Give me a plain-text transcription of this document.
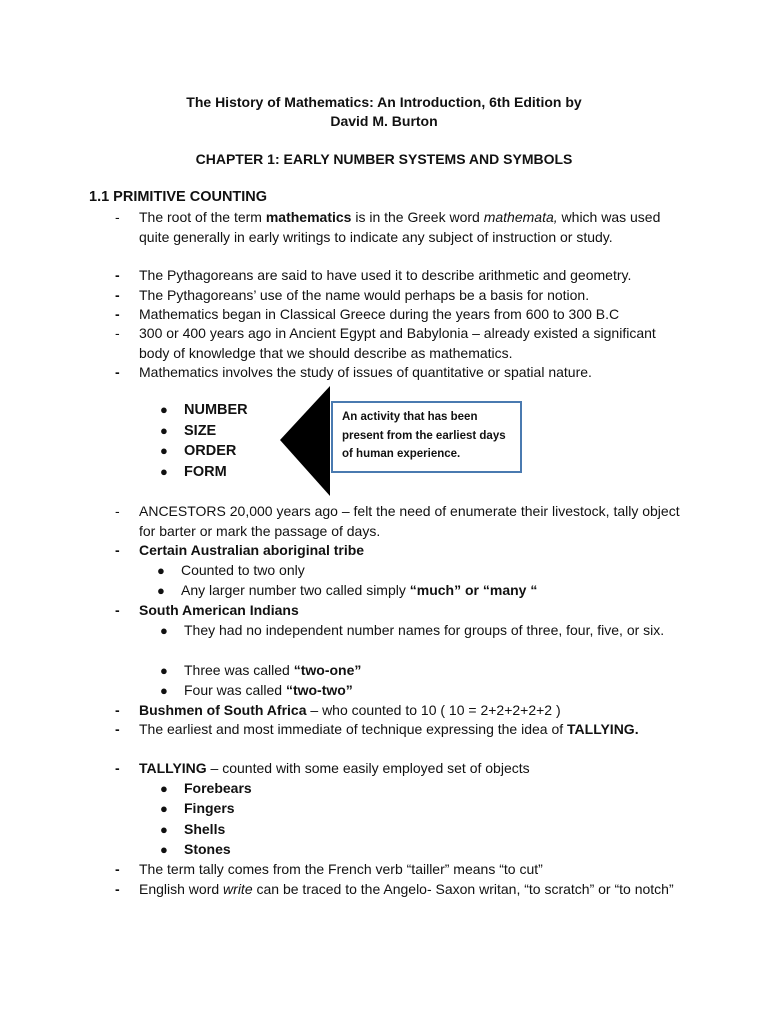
The History of Mathematics: An Introduction, 6th Edition by
David M. Burton
CHAPTER 1: EARLY NUMBER SYSTEMS AND SYMBOLS
1.1 PRIMITIVE COUNTING
- The root of the term mathematics is in the Greek word mathemata, which was used quite generally in early writings to indicate any subject of instruction or study.
- The Pythagoreans are said to have used it to describe arithmetic and geometry.
- The Pythagoreans’ use of the name would perhaps be a basis for notion.
- Mathematics began in Classical Greece during the years from 600 to 300 B.C
- 300 or 400 years ago in Ancient Egypt and Babylonia – already existed a significant body of knowledge that we should describe as mathematics.
- Mathematics involves the study of issues of quantitative or spatial nature.
● NUMBER
● SIZE
● ORDER
● FORM
An activity that has been present from the earliest days of human experience.
- ANCESTORS 20,000 years ago – felt the need of enumerate their livestock, tally object for barter or mark the passage of days.
- Certain Australian aboriginal tribe
● Counted to two only
● Any larger number two called simply “much” or “many “
- South American Indians
● They had no independent number names for groups of three, four, five, or six.
● Three was called “two-one”
● Four was called “two-two”
- Bushmen of South Africa – who counted to 10 ( 10 = 2+2+2+2+2 )
- The earliest and most immediate of technique expressing the idea of TALLYING.
- TALLYING – counted with some easily employed set of objects
● Forebears
● Fingers
● Shells
● Stones
- The term tally comes from the French verb “tailler” means “to cut”
- English word write can be traced to the Angelo- Saxon writan, “to scratch” or “to notch”
